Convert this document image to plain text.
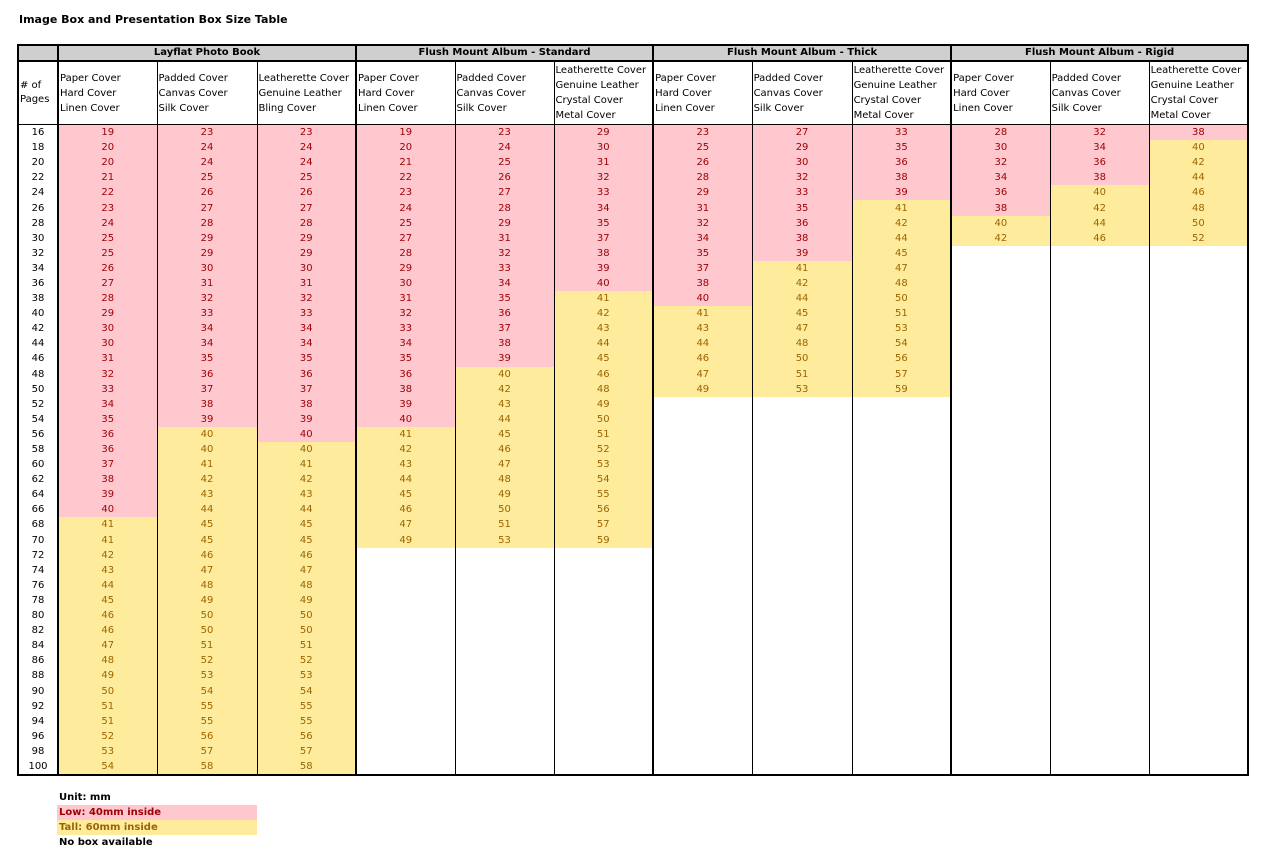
Image Box and Presentation Box Size Table
	Layflat Photo Book			Flush Mount Album - Standard			Flush Mount Album - Thick			Flush Mount Album - Rigid		
# of
Pages	Paper Cover
Hard Cover
Linen Cover	Padded Cover
Canvas Cover
Silk Cover	Leatherette Cover
Genuine Leather
Bling Cover	Paper Cover
Hard Cover
Linen Cover	Padded Cover
Canvas Cover
Silk Cover	Leatherette Cover
Genuine Leather
Crystal Cover
Metal Cover	Paper Cover
Hard Cover
Linen Cover	Padded Cover
Canvas Cover
Silk Cover	Leatherette Cover
Genuine Leather
Crystal Cover
Metal Cover	Paper Cover
Hard Cover
Linen Cover	Padded Cover
Canvas Cover
Silk Cover	Leatherette Cover
Genuine Leather
Crystal Cover
Metal Cover
16	19	23	23	19	23	29	23	27	33	28	32	38
18	20	24	24	20	24	30	25	29	35	30	34	40
20	20	24	24	21	25	31	26	30	36	32	36	42
22	21	25	25	22	26	32	28	32	38	34	38	44
24	22	26	26	23	27	33	29	33	39	36	40	46
26	23	27	27	24	28	34	31	35	41	38	42	48
28	24	28	28	25	29	35	32	36	42	40	44	50
30	25	29	29	27	31	37	34	38	44	42	46	52
32	25	29	29	28	32	38	35	39	45			
34	26	30	30	29	33	39	37	41	47			
36	27	31	31	30	34	40	38	42	48			
38	28	32	32	31	35	41	40	44	50			
40	29	33	33	32	36	42	41	45	51			
42	30	34	34	33	37	43	43	47	53			
44	30	34	34	34	38	44	44	48	54			
46	31	35	35	35	39	45	46	50	56			
48	32	36	36	36	40	46	47	51	57			
50	33	37	37	38	42	48	49	53	59			
52	34	38	38	39	43	49						
54	35	39	39	40	44	50						
56	36	40	40	41	45	51						
58	36	40	40	42	46	52						
60	37	41	41	43	47	53						
62	38	42	42	44	48	54						
64	39	43	43	45	49	55						
66	40	44	44	46	50	56						
68	41	45	45	47	51	57						
70	41	45	45	49	53	59						
72	42	46	46									
74	43	47	47									
76	44	48	48									
78	45	49	49									
80	46	50	50									
82	46	50	50									
84	47	51	51									
86	48	52	52									
88	49	53	53									
90	50	54	54									
92	51	55	55									
94	51	55	55									
96	52	56	56									
98	53	57	57									
100	54	58	58									
Unit: mm
Low: 40mm inside
Tall: 60mm inside
No box available
